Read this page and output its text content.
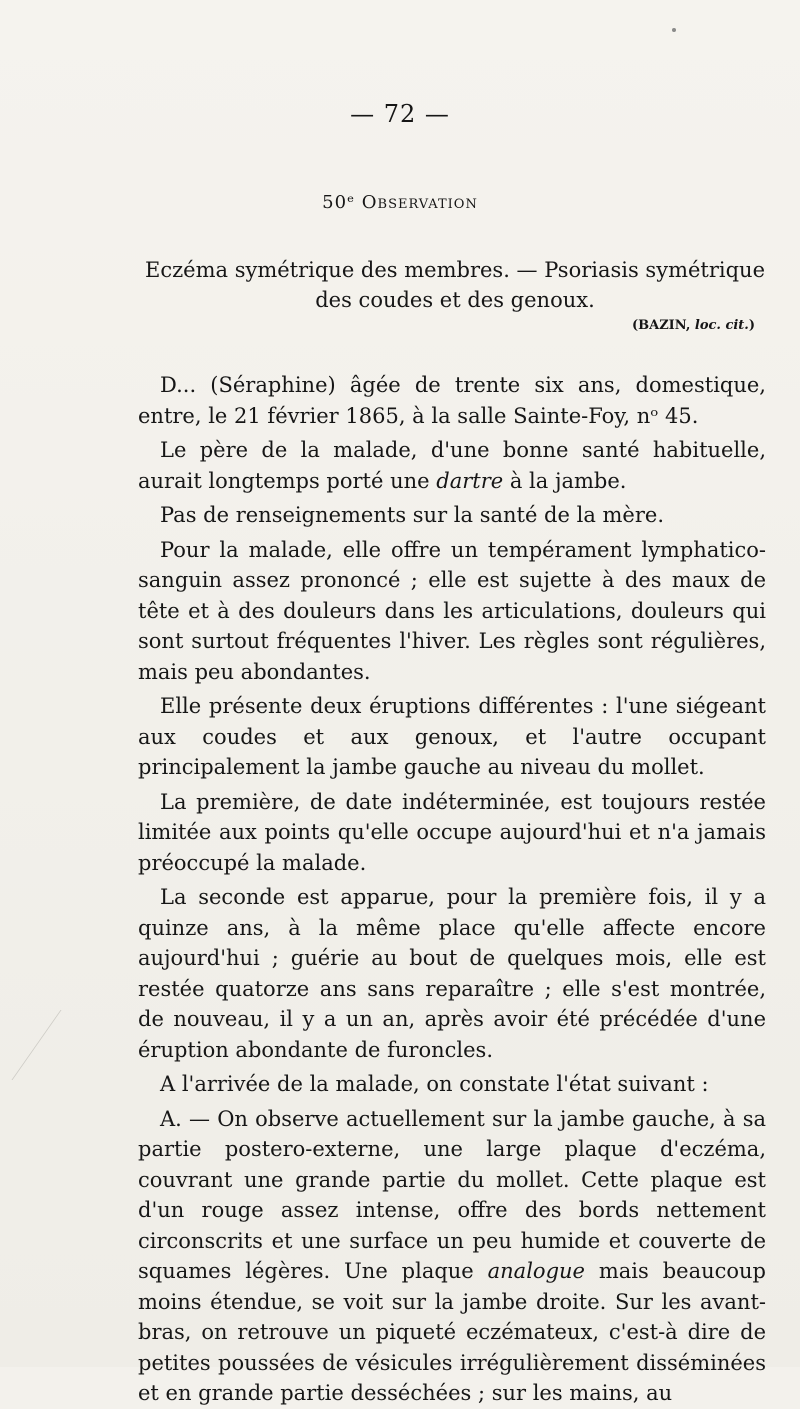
— 72 —
50ᵉ Observation
Eczéma symétrique des membres. — Psoriasis symétrique des coudes et des genoux.
(BAZIN, loc. cit.)

D... (Séraphine) âgée de trente six ans, domestique, entre, le 21 février 1865, à la salle Sainte-Foy, nᵒ 45.

Le père de la malade, d'une bonne santé habituelle, aurait longtemps porté une dartre à la jambe.

Pas de renseignements sur la santé de la mère.

Pour la malade, elle offre un tempérament lymphatico-sanguin assez prononcé ; elle est sujette à des maux de tête et à des douleurs dans les articulations, douleurs qui sont surtout fréquentes l'hiver. Les règles sont régulières, mais peu abondantes.

Elle présente deux éruptions différentes : l'une siégeant aux coudes et aux genoux, et l'autre occupant principalement la jambe gauche au niveau du mollet.

La première, de date indéterminée, est toujours restée limitée aux points qu'elle occupe aujourd'hui et n'a jamais préoccupé la malade.

La seconde est apparue, pour la première fois, il y a quinze ans, à la même place qu'elle affecte encore aujourd'hui ; guérie au bout de quelques mois, elle est restée quatorze ans sans reparaître ; elle s'est montrée, de nouveau, il y a un an, après avoir été précédée d'une éruption abondante de furoncles.

A l'arrivée de la malade, on constate l'état suivant :

A. — On observe actuellement sur la jambe gauche, à sa partie postero-externe, une large plaque d'eczéma, couvrant une grande partie du mollet. Cette plaque est d'un rouge assez intense, offre des bords nettement circonscrits et une surface un peu humide et couverte de squames légères. Une plaque analogue mais beaucoup moins étendue, se voit sur la jambe droite. Sur les avant-bras, on retrouve un piqueté eczémateux, c'est-à dire de petites poussées de vésicules irrégulièrement disséminées et en grande partie desséchées ; sur les mains, au
